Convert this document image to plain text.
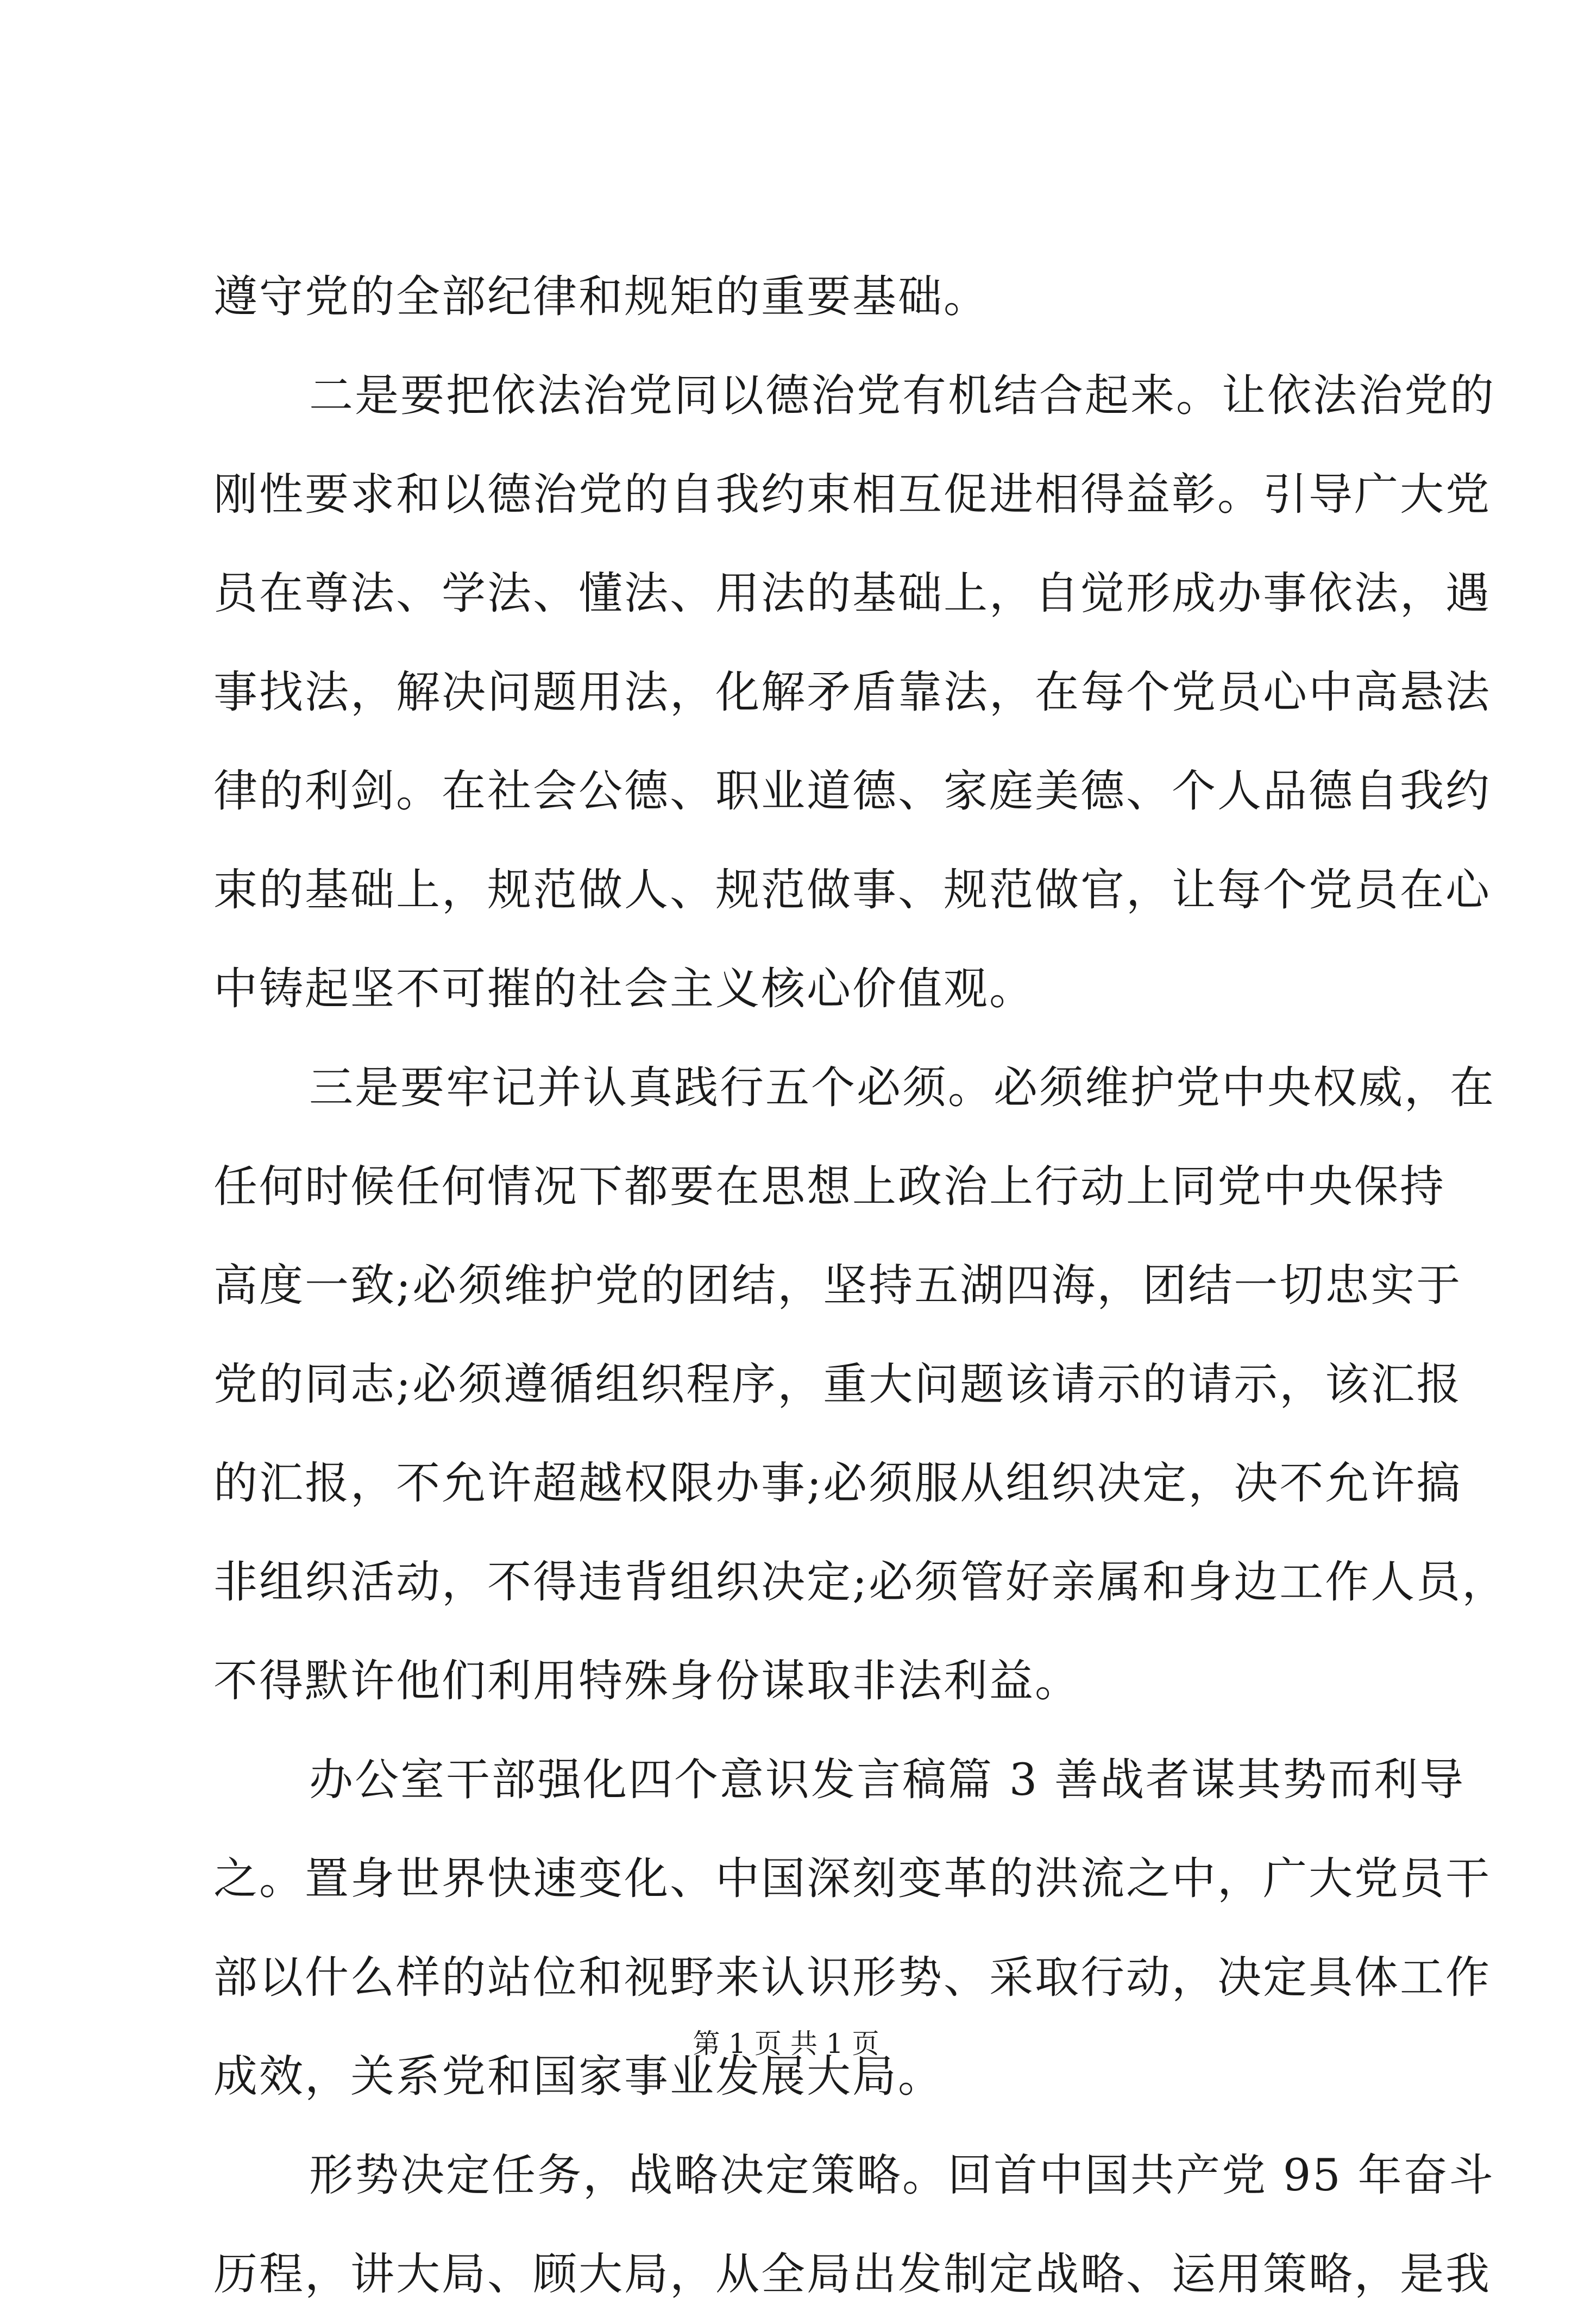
遵守党的全部纪律和规矩的重要基础。
二是要把依法治党同以德治党有机结合起来。让依法治党的
刚性要求和以德治党的自我约束相互促进相得益彰。引导广大党
员在尊法、学法、懂法、用法的基础上，自觉形成办事依法，遇
事找法，解决问题用法，化解矛盾靠法，在每个党员心中高悬法
律的利剑。在社会公德、职业道德、家庭美德、个人品德自我约
束的基础上，规范做人、规范做事、规范做官，让每个党员在心
中铸起坚不可摧的社会主义核心价值观。
三是要牢记并认真践行五个必须。必须维护党中央权威，在
任何时候任何情况下都要在思想上政治上行动上同党中央保持
高度一致;必须维护党的团结，坚持五湖四海，团结一切忠实于
党的同志;必须遵循组织程序，重大问题该请示的请示，该汇报
的汇报，不允许超越权限办事;必须服从组织决定，决不允许搞
非组织活动，不得违背组织决定;必须管好亲属和身边工作人员，
不得默许他们利用特殊身份谋取非法利益。
办公室干部强化四个意识发言稿篇 3 善战者谋其势而利导
之。置身世界快速变化、中国深刻变革的洪流之中，广大党员干
部以什么样的站位和视野来认识形势、采取行动，决定具体工作
成效，关系党和国家事业发展大局。
形势决定任务，战略决定策略。回首中国共产党 95 年奋斗
历程，讲大局、顾大局，从全局出发制定战略、运用策略，是我
第 1 页 共 1 页
